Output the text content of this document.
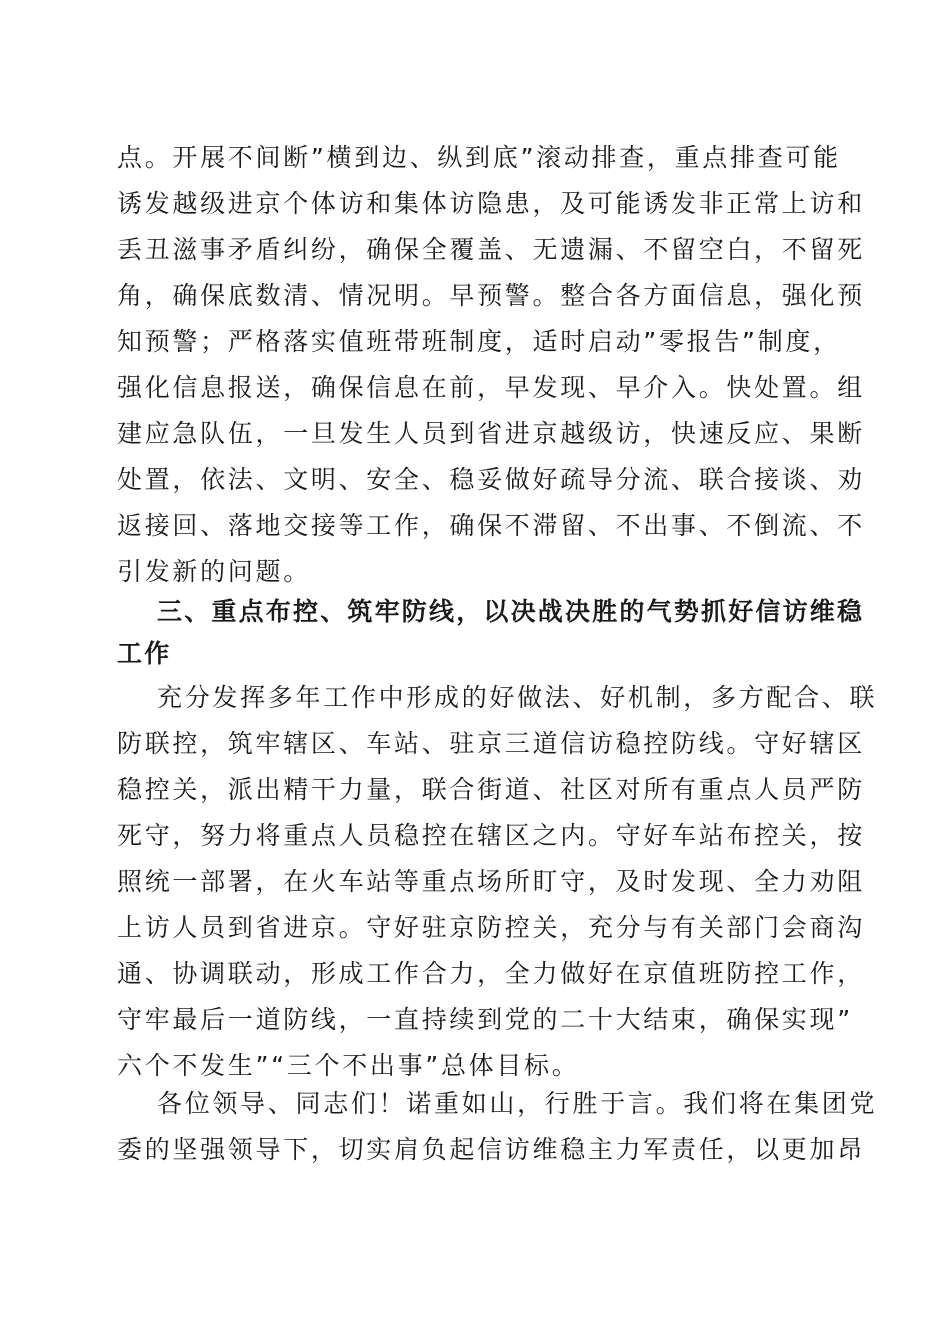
点。开展不间断”横到边、纵到底”滚动排查，重点排查可能
诱发越级进京个体访和集体访隐患，及可能诱发非正常上访和
丢丑滋事矛盾纠纷，确保全覆盖、无遗漏、不留空白，不留死
角，确保底数清、情况明。早预警。整合各方面信息，强化预
知预警；严格落实值班带班制度，适时启动”零报告”制度，
强化信息报送，确保信息在前，早发现、早介入。快处置。组
建应急队伍，一旦发生人员到省进京越级访，快速反应、果断
处置，依法、文明、安全、稳妥做好疏导分流、联合接谈、劝
返接回、落地交接等工作，确保不滞留、不出事、不倒流、不
引发新的问题。
三、重点布控、筑牢防线，以决战决胜的气势抓好信访维稳
工作
充分发挥多年工作中形成的好做法、好机制，多方配合、联
防联控，筑牢辖区、车站、驻京三道信访稳控防线。守好辖区
稳控关，派出精干力量，联合街道、社区对所有重点人员严防
死守，努力将重点人员稳控在辖区之内。守好车站布控关，按
照统一部署，在火车站等重点场所盯守，及时发现、全力劝阻
上访人员到省进京。守好驻京防控关，充分与有关部门会商沟
通、协调联动，形成工作合力，全力做好在京值班防控工作，
守牢最后一道防线，一直持续到党的二十大结束，确保实现”
六个不发生”“三个不出事”总体目标。
各位领导、同志们！诺重如山，行胜于言。我们将在集团党
委的坚强领导下，切实肩负起信访维稳主力军责任，以更加昂
